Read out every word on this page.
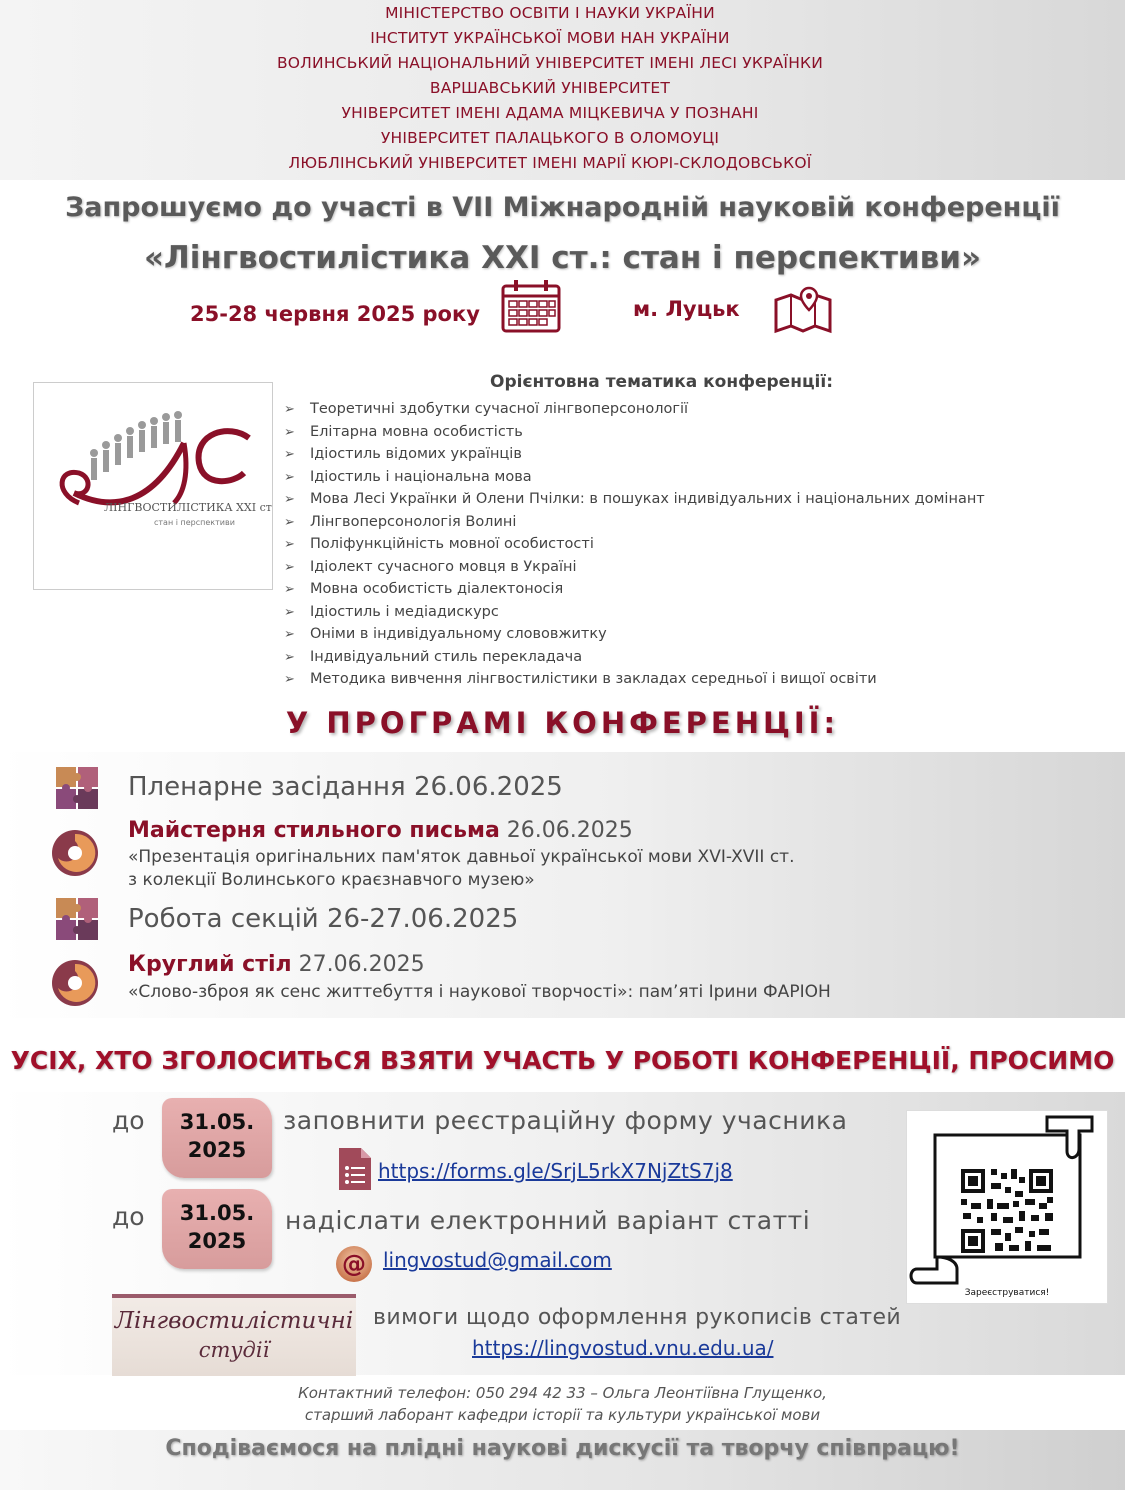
МІНІСТЕРСТВО ОСВІТИ І НАУКИ УКРАЇНИ
ІНСТИТУТ УКРАЇНСЬКОЇ МОВИ НАН УКРАЇНИ
ВОЛИНСЬКИЙ НАЦІОНАЛЬНИЙ УНІВЕРСИТЕТ ІМЕНІ ЛЕСІ УКРАЇНКИ
ВАРШАВСЬКИЙ УНІВЕРСИТЕТ
УНІВЕРСИТЕТ ІМЕНІ АДАМА МІЦКЕВИЧА У ПОЗНАНІ
УНІВЕРСИТЕТ ПАЛАЦЬКОГО В ОЛОМОУЦІ
ЛЮБЛІНСЬКИЙ УНІВЕРСИТЕТ ІМЕНІ МАРІЇ КЮРІ-СКЛОДОВСЬКОЇ
Запрошуємо до участі в VII Міжнародній науковій конференції
«Лінгвостилістика ХХІ ст.: стан і перспективи»
25-28 червня 2025 року	м. Луцьк
ЛІНГВОСТИЛІСТИКА XXI ст.
стан і перспективи
Орієнтовна тематика конференції:
➢ Теоретичні здобутки сучасної лінгвоперсонології
➢ Елітарна мовна особистість
➢ Ідіостиль відомих українців
➢ Ідіостиль і національна мова
➢ Мова Лесі Українки й Олени Пчілки: в пошуках індивідуальних і національних домінант
➢ Лінгвоперсонологія Волині
➢ Поліфункційність мовної особистості
➢ Ідіолект сучасного мовця в Україні
➢ Мовна особистість діалектоносія
➢ Ідіостиль і медіадискурс
➢ Оніми в індивідуальному слововжитку
➢ Індивідуальний стиль перекладача
➢ Методика вивчення лінгвостилістики в закладах середньої і вищої освіти
У ПРОГРАМІ КОНФЕРЕНЦІЇ:
Пленарне засідання 26.06.2025
Майстерня стильного письма 26.06.2025
«Презентація оригінальних пам'яток давньої української мови XVI-XVII ст.
з колекції Волинського краєзнавчого музею»
Робота секцій 26-27.06.2025
Круглий стіл 27.06.2025
«Слово-зброя як сенс життебуття і наукової творчості»: пам’яті Ірини ФАРІОН
УСІХ, ХТО ЗГОЛОСИТЬСЯ ВЗЯТИ УЧАСТЬ У РОБОТІ КОНФЕРЕНЦІЇ, ПРОСИМО
до	31.05.
2025
заповнити реєстраційну форму учасника
https://forms.gle/SrjL5rkX7NjZtS7j8
до	31.05.
2025
надіслати електронний варіант статті
@ lingvostud@gmail.com
Лінгвостилістичні
студії
вимоги щодо оформлення рукописів статей
https://lingvostud.vnu.edu.ua/
Зареєструватися!
Контактний телефон: 050 294 42 33 – Ольга Леонтіївна Глущенко,
старший лаборант кафедри історії та культури української мови
Сподіваємося на плідні наукові дискусії та творчу співпрацю!
